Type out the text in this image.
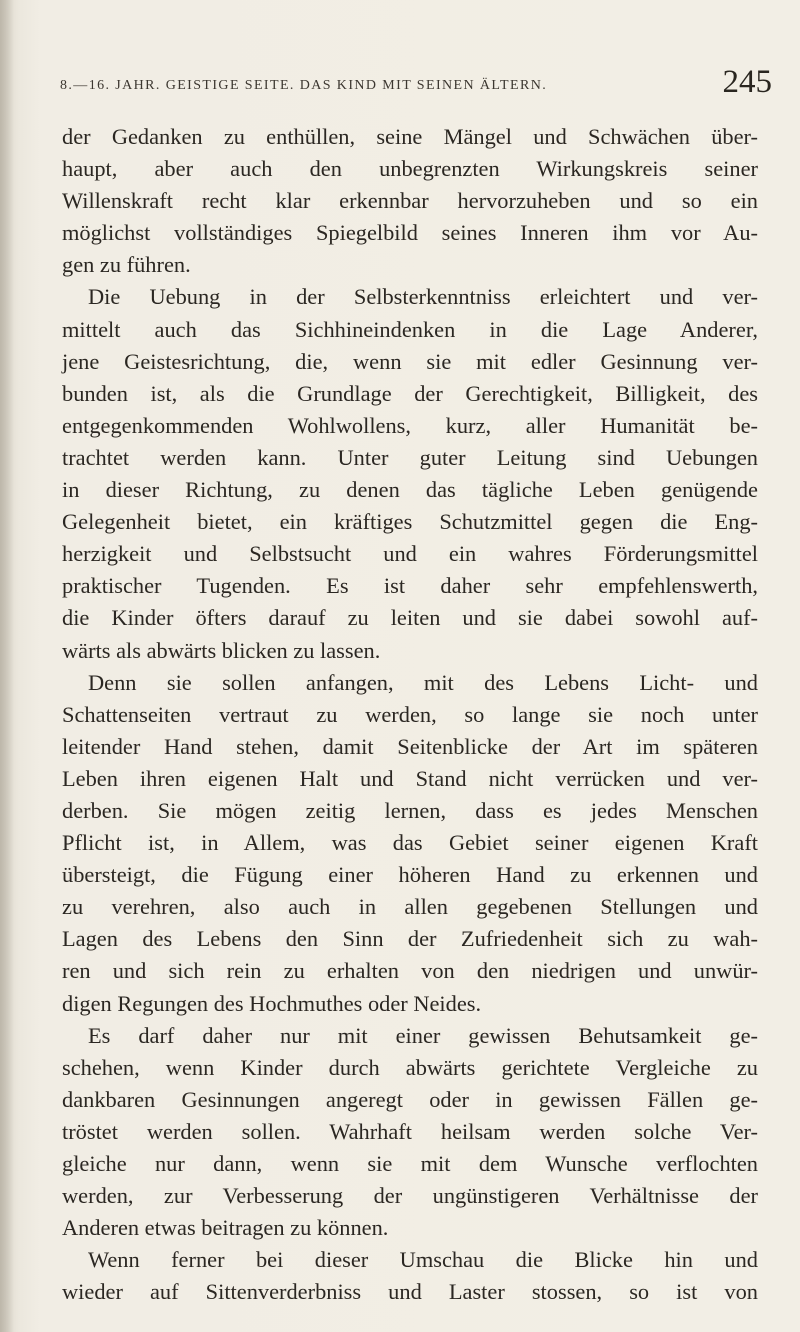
8.—16. JAHR. GEISTIGE SEITE. DAS KIND MIT SEINEN ÄLTERN.	245
der Gedanken zu enthüllen, seine Mängel und Schwächen über-
haupt, aber auch den unbegrenzten Wirkungskreis seiner
Willenskraft recht klar erkennbar hervorzuheben und so ein
möglichst vollständiges Spiegelbild seines Inneren ihm vor Au-
gen zu führen.
Die Uebung in der Selbsterkenntniss erleichtert und ver-
mittelt auch das Sichhineindenken in die Lage Anderer,
jene Geistesrichtung, die, wenn sie mit edler Gesinnung ver-
bunden ist, als die Grundlage der Gerechtigkeit, Billigkeit, des
entgegenkommenden Wohlwollens, kurz, aller Humanität be-
trachtet werden kann. Unter guter Leitung sind Uebungen
in dieser Richtung, zu denen das tägliche Leben genügende
Gelegenheit bietet, ein kräftiges Schutzmittel gegen die Eng-
herzigkeit und Selbstsucht und ein wahres Förderungsmittel
praktischer Tugenden. Es ist daher sehr empfehlenswerth,
die Kinder öfters darauf zu leiten und sie dabei sowohl auf-
wärts als abwärts blicken zu lassen.
Denn sie sollen anfangen, mit des Lebens Licht- und
Schattenseiten vertraut zu werden, so lange sie noch unter
leitender Hand stehen, damit Seitenblicke der Art im späteren
Leben ihren eigenen Halt und Stand nicht verrücken und ver-
derben. Sie mögen zeitig lernen, dass es jedes Menschen
Pflicht ist, in Allem, was das Gebiet seiner eigenen Kraft
übersteigt, die Fügung einer höheren Hand zu erkennen und
zu verehren, also auch in allen gegebenen Stellungen und
Lagen des Lebens den Sinn der Zufriedenheit sich zu wah-
ren und sich rein zu erhalten von den niedrigen und unwür-
digen Regungen des Hochmuthes oder Neides.
Es darf daher nur mit einer gewissen Behutsamkeit ge-
schehen, wenn Kinder durch abwärts gerichtete Vergleiche zu
dankbaren Gesinnungen angeregt oder in gewissen Fällen ge-
tröstet werden sollen. Wahrhaft heilsam werden solche Ver-
gleiche nur dann, wenn sie mit dem Wunsche verflochten
werden, zur Verbesserung der ungünstigeren Verhältnisse der
Anderen etwas beitragen zu können.
Wenn ferner bei dieser Umschau die Blicke hin und
wieder auf Sittenverderbniss und Laster stossen, so ist von
